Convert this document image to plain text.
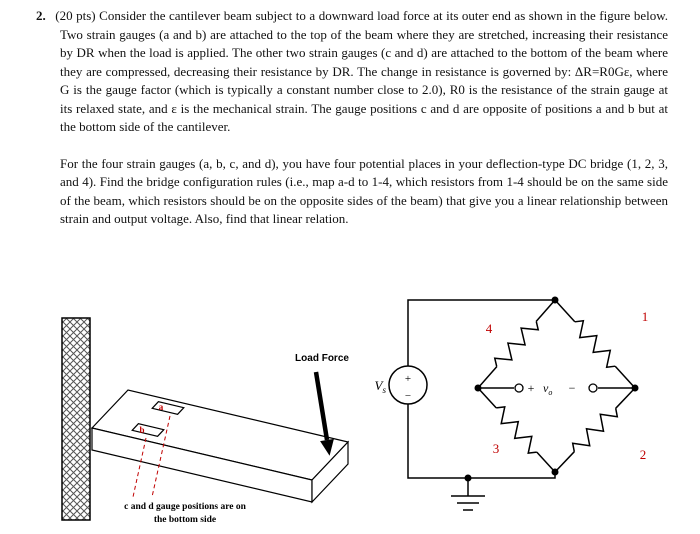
2. (20 pts) Consider the cantilever beam subject to a downward load force at its outer end as shown in the figure below. Two strain gauges (a and b) are attached to the top of the beam where they are stretched, increasing their resistance by DR when the load is applied. The other two strain gauges (c and d) are attached to the bottom of the beam where they are compressed, decreasing their resistance by DR. The change in resistance is governed by: ΔR=R0Gε, where G is the gauge factor (which is typically a constant number close to 2.0), R0 is the resistance of the strain gauge at its relaxed state, and ε is the mechanical strain. The gauge positions c and d are opposite of positions a and b but at the bottom side of the cantilever.
For the four strain gauges (a, b, c, and d), you have four potential places in your deflection-type DC bridge (1, 2, 3, and 4). Find the bridge configuration rules (i.e., map a-d to 1-4, which resistors from 1-4 should be on the same side of the beam, which resistors should be on the opposite sides of the beam) that give you a linear relationship between strain and output voltage. Also, find that linear relation.
a
b
c and d gauge positions are on
the bottom side
Load Force
+
−
$V_s$
4
1
3	2
+ $v_o$ −
